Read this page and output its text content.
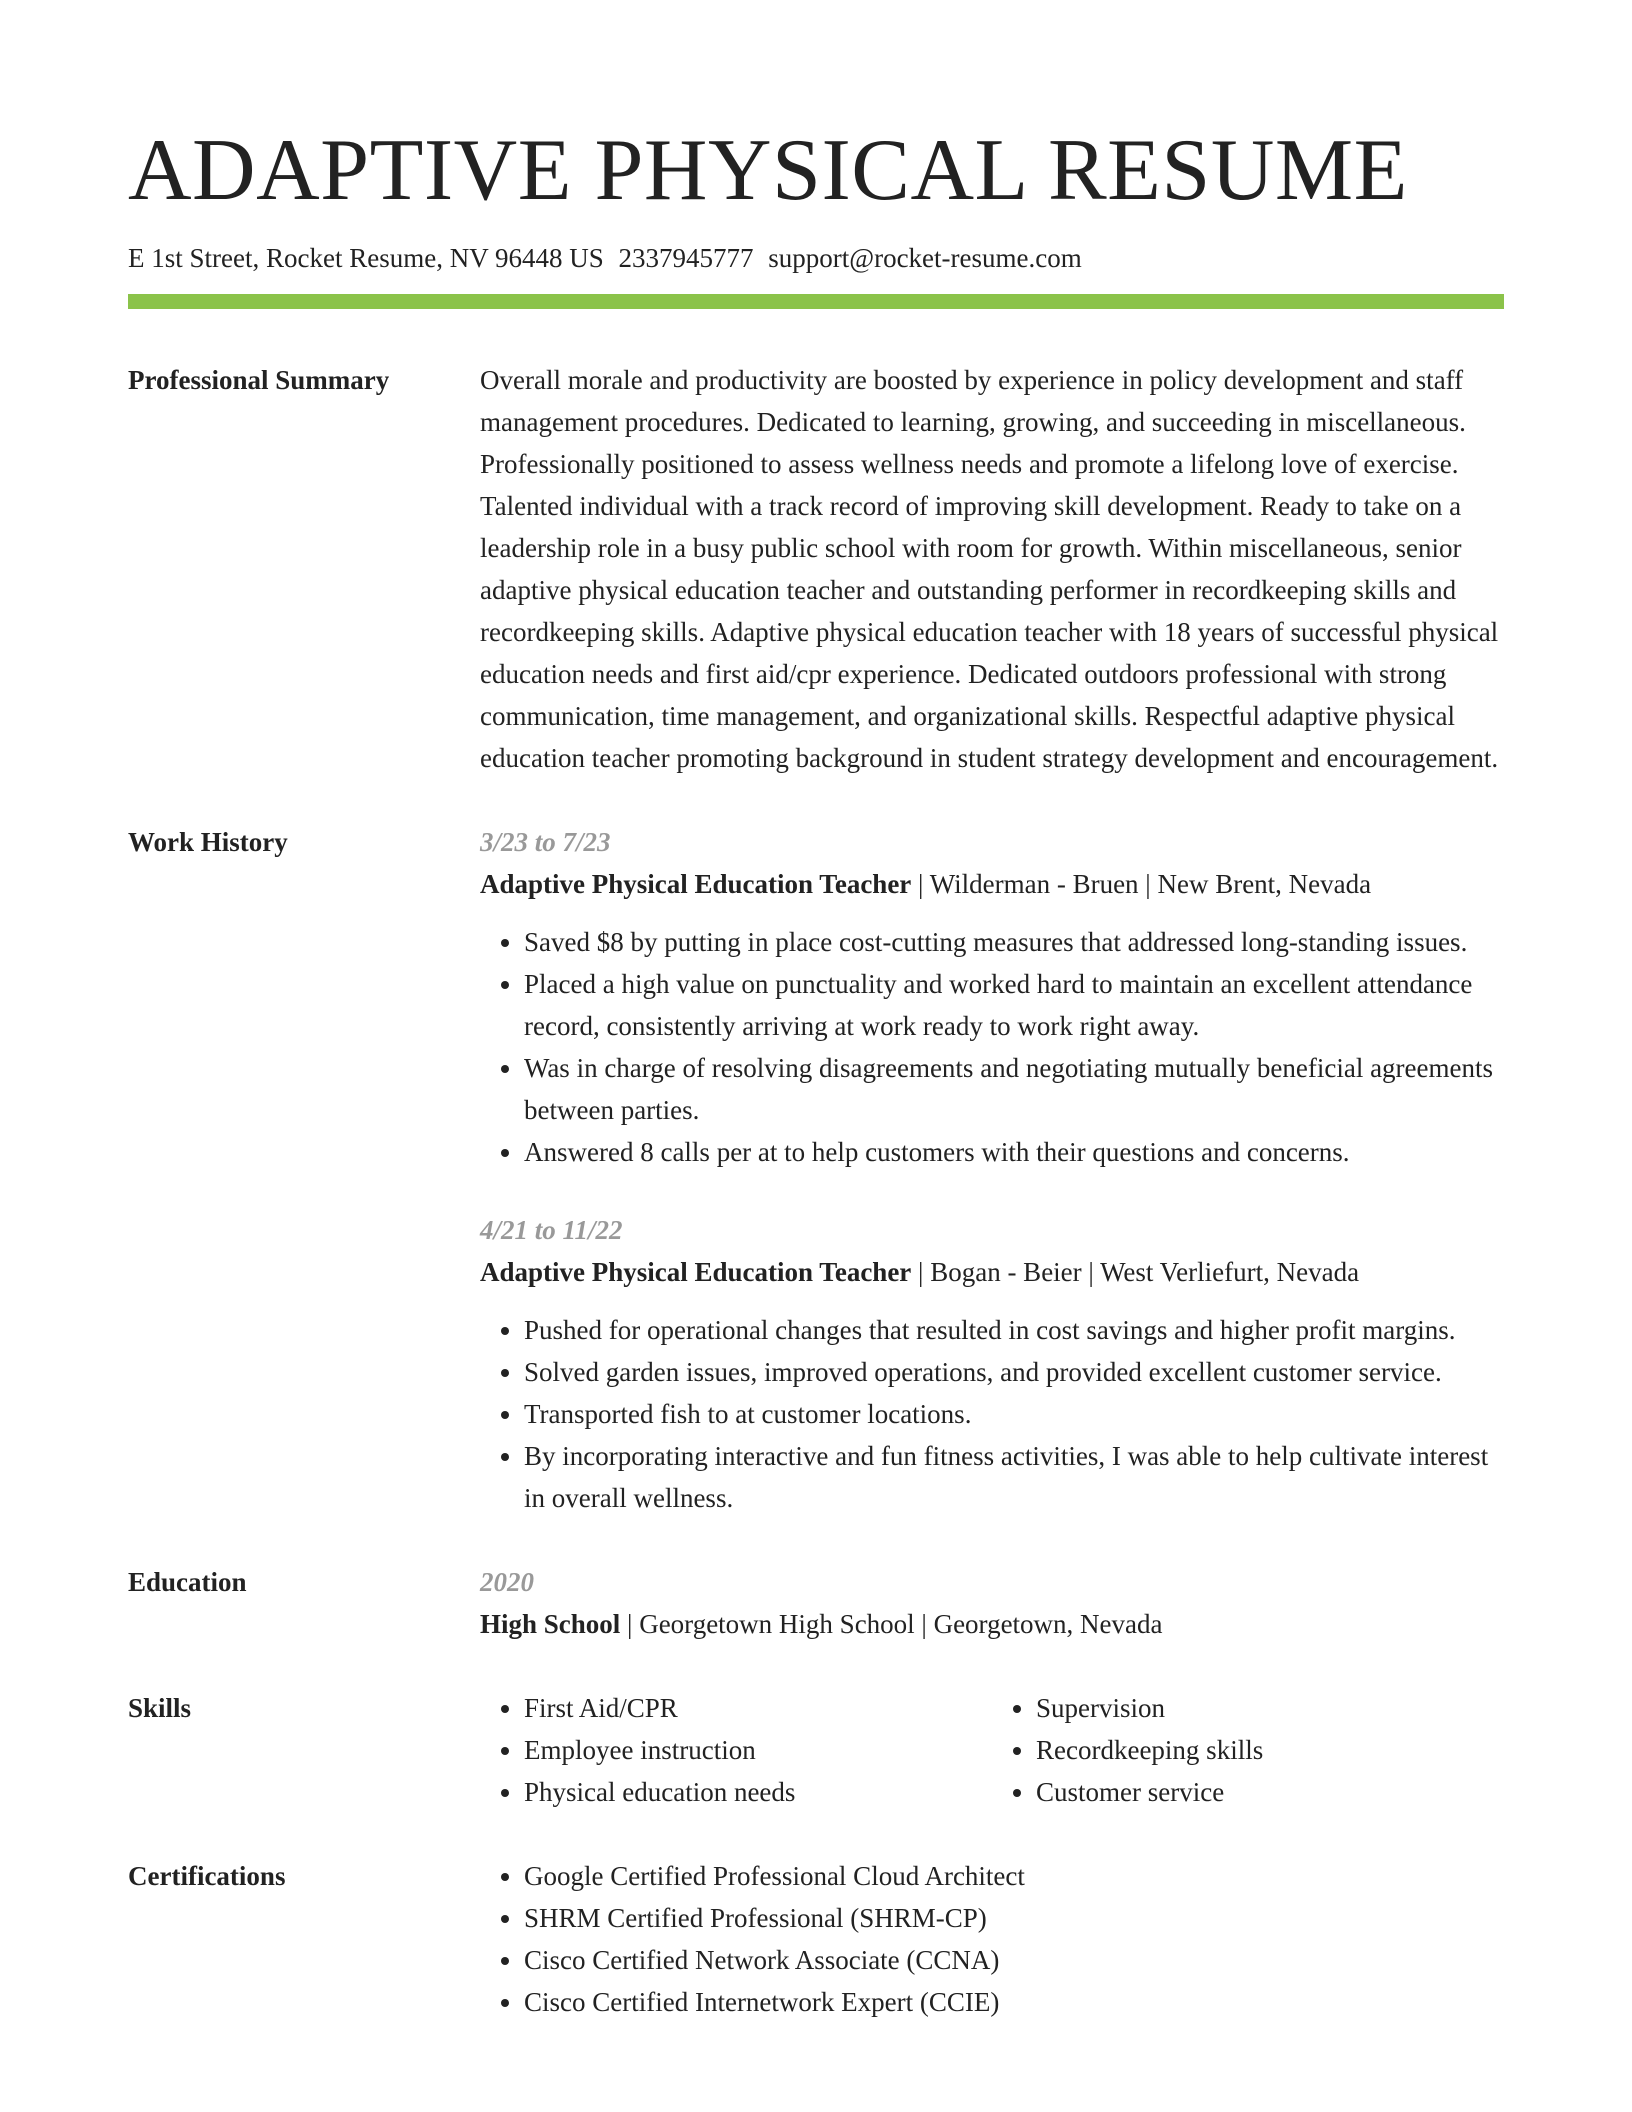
ADAPTIVE PHYSICAL RESUME
E 1st Street, Rocket Resume, NV 96448 US 2337945777 support@rocket-resume.com
Professional Summary	Overall morale and productivity are boosted by experience in policy development and staff management procedures. Dedicated to learning, growing, and succeeding in miscellaneous. Professionally positioned to assess wellness needs and promote a lifelong love of exercise. Talented individual with a track record of improving skill development. Ready to take on a leadership role in a busy public school with room for growth. Within miscellaneous, senior adaptive physical education teacher and outstanding performer in recordkeeping skills and recordkeeping skills. Adaptive physical education teacher with 18 years of successful physical education needs and first aid/cpr experience. Dedicated outdoors professional with strong communication, time management, and organizational skills. Respectful adaptive physical education teacher promoting background in student strategy development and encouragement.

Work History	3/23 to 7/23
Adaptive Physical Education Teacher | Wilderman - Bruen | New Brent, Nevada
• Saved $8 by putting in place cost-cutting measures that addressed long-standing issues.
• Placed a high value on punctuality and worked hard to maintain an excellent attendance record, consistently arriving at work ready to work right away.
• Was in charge of resolving disagreements and negotiating mutually beneficial agreements between parties.
• Answered 8 calls per at to help customers with their questions and concerns.
4/21 to 11/22
Adaptive Physical Education Teacher | Bogan - Beier | West Verliefurt, Nevada
• Pushed for operational changes that resulted in cost savings and higher profit margins.
• Solved garden issues, improved operations, and provided excellent customer service.
• Transported fish to at customer locations.
• By incorporating interactive and fun fitness activities, I was able to help cultivate interest in overall wellness.
Education	2020
High School | Georgetown High School | Georgetown, Nevada
Skills	• First Aid/CPR
• Employee instruction
• Physical education needs
• Supervision
• Recordkeeping skills
• Customer service
Certifications	• Google Certified Professional Cloud Architect
• SHRM Certified Professional (SHRM-CP)
• Cisco Certified Network Associate (CCNA)
• Cisco Certified Internetwork Expert (CCIE)
